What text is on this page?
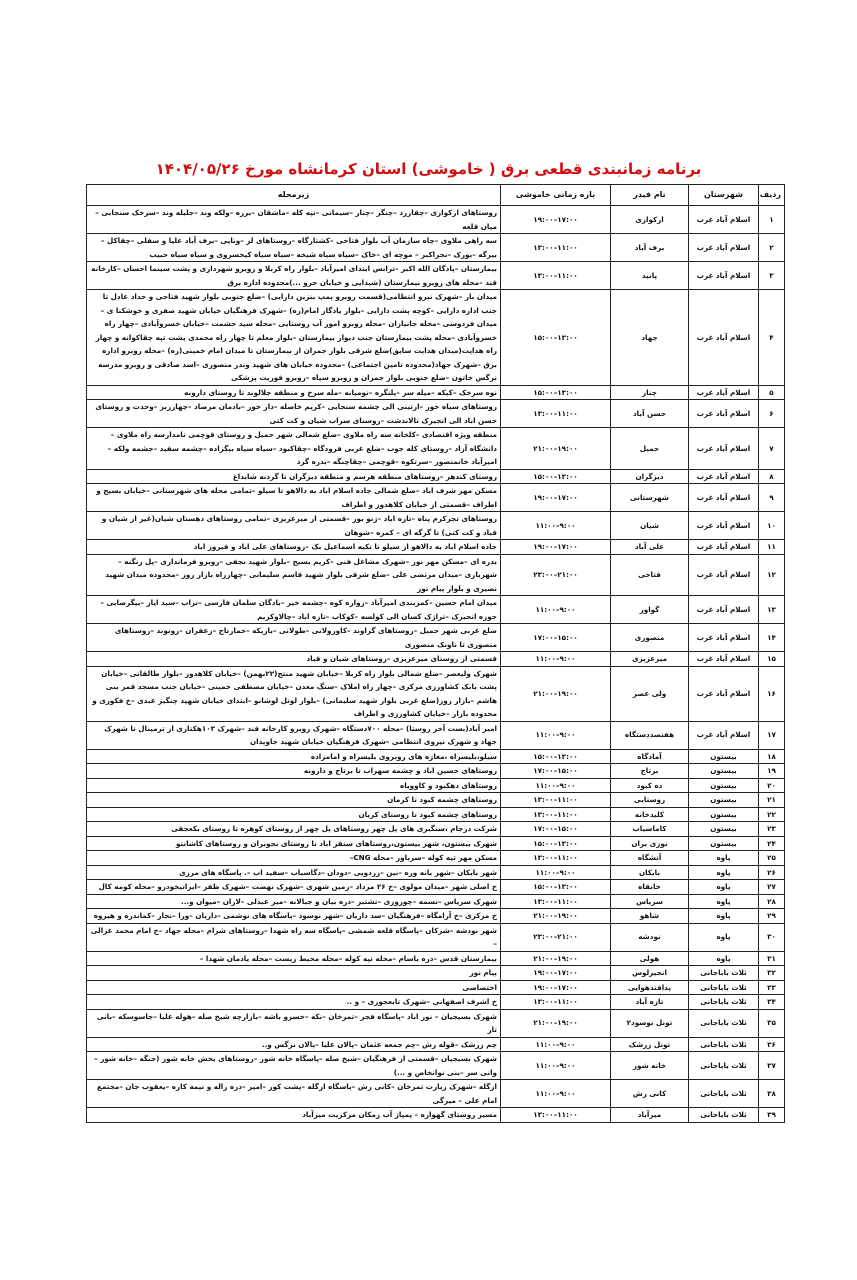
برنامه زمانبندی قطعی برق ( خاموشی) استان کرمانشاه مورخ ۱۴۰۴/۰۵/۲۶
ردیف	شهرستان	نام فیدر	بازه زمانی خاموشی	زیرمحله
۱	اسلام آباد غرب	ارکوازی	۱۷:۰۰–۱۹:۰۰	روستاهای ارکوازی –چقازرد –چنگر –چنار –سیمانی –تپه کله –ماشقان –برزه –ولکه وند –جلیله وند –سرخک سنجابی –میان قلعه
۲	اسلام آباد غرب	برف آباد	۱۱:۰۰–۱۳:۰۰	سه راهی ملاوی –چاه سازمان آب بلوار فتاحی –کشتارگاه –روستاهای لر –ونایی –برف آباد علیا و سفلی –چقاکل –بیرگه –بورک –نجراکبر – موچه ای –خاک –سیاه سیاه شیخه –سیاه سیاه کیخسروی و سیاه سیاه حبیب
۳	اسلام آباد غرب	پانید	۱۱:۰۰–۱۳:۰۰	بیمارستان –پادگان الله اکبر –ترانس ابتدای امیرآباد –بلوار راه کربلا و روبرو شهرداری و پشت سینما احسان –کارخانه قند –محله های روبرو بیمارستان (شیدایی و خیابان حرو ...)محدوده اداره برق
۴	اسلام آباد غرب	جهاد	۱۳:۰۰–۱۵:۰۰	میدان بار –شهرک نیرو انتظامی(قسمت روبرو پمپ بنزین دارایی) –ضلع جنوبی بلوار شهید فتاحی و حداد عادل تا جنب اداره دارایی –کوچه پشت دارایی –بلوار یادگار امام(ره) –شهرک فرهنگیان خیابان شهید صفری و خوشکنا ی –میدان فردوسی –محله جانبازان –محله روبرو امور آب روستایی –محله سید حشمت –خیابان خسروآبادی –چهار راه خسروآبادی –محله پشت بیمارستان جنب دیوار بیمارستان –بلوار معلم تا چهار راه محمدی پشت تپه چقاکوانه و چهار راه هدایت(میدان هدایت سابق)ضلع شرقی بلوار جمران از بیمارستان تا میدان امام خمینی(ره) –محله روبرو اداره برق –شهرک جهاد(محدوده تامین اجتماعی) –محدوده خیابان های شهید وندر منصوری –اسد صادقی و روبرو مدرسه نرگس خاتون –ضلع جنوبی بلوار جمران و روبرو سپاه –روبرو فوریت پزشکی
۵	اسلام آباد غرب	چنار	۱۳:۰۰–۱۵:۰۰	نوه سرخک –کیکه –میله سر –پلنگره –نومیانه –مله سرخ و منطقه جلالوند تا روستای دارونه
۶	اسلام آباد غرب	حسن آباد	۱۱:۰۰–۱۳:۰۰	روستاهای سیاه خور –ارتینی الی چشمه سنجابی –کریم خاصله –دار خور –بادمان مرصاد –چهارزبر –وحدت و روستای حسن اباد الی انجیرک تالاندشت –روستای سراب شیان و کت کتی
۷	اسلام آباد غرب	حمیل	۱۹:۰۰–۲۱:۰۰	منطقه ویژه اقتصادی –کلخانه سه راه ملاوی –ضلع شمالی شهر حمیل و روستای قوچمی نامدارسه راه ملاوی –دانشگاه آزاد –روستای کله جوب –ضلع غربی فرودگاه –چقاکبود –سیاه سیاه بیگزاده –چشمه سفید –جشمه ولکه –امیرآباد خانمنصور –سرتکوه –قوچمی –چقاچنگه –بدره گرد
۸	اسلام آباد غرب	دیزگران	۱۳:۰۰–۱۵:۰۰	روستای کندهر –روستاهای منطقه هرسم و منطقه دیزگران تا گردنه شابداغ
۹	اسلام آباد غرب	شهرستانی	۱۷:۰۰–۱۹:۰۰	مسکن مهر شرف اباد –ضلع شمالی جاده اسلام اباد به دالاهو تا سیلو –تمامی محله های شهرستانی –خیابان بسیج و اطراف –قسمتی از خیابان کلاهدوز و اطراف
۱۰	اسلام آباد غرب	شیان	۹:۰۰–۱۱:۰۰	روستاهای تجرکرم پناه –تازه اباد –ژنو بور –قسمتی از میرعزیزی –تمامی روستاهای دهستان شیان(غیر از شیان و قباد و کت کتی) تا گرگه ای – کمره –شوهان
۱۱	اسلام آباد غرب	علی آباد	۱۷:۰۰–۱۹:۰۰	جاده اسلام اباد به دالاهو از سیلو تا تکیه اسماعیل بک –روستاهای علی اباد و فیروز اباد
۱۲	اسلام آباد غرب	فتاحی	۲۱:۰۰–۲۳:۰۰	بدره ای –مسکن مهر نور –شهرک مشاغل فنی –کریم بسیج –بلوار شهید نجفی –روبرو فرمانداری –پل زنگنه –شهربازی –میدان مرتضی علی –ضلع شرقی بلوار شهید قاسم سلیمانی –چهارراه بازار روز –محدوده میدان شهید نصیری و بلوار پیام نور
۱۳	اسلام آباد غرب	گواور	۹:۰۰–۱۱:۰۰	میدان امام حسین –کمربندی امیرآباد –زواره کوه –چشمه خیر –بادگان سلمان فارسی –تراب –سید ایاز –بیگرضایی –جوزه انجیرک –تراژک کسان الی کولسه –کوکاب –تازه اباد –چالاوکریم
۱۴	اسلام آباد غرب	منصوری	۱۵:۰۰–۱۷:۰۰	ضلع غربی شهر حمیل –روستاهای گراوند –کاورولانی –طولانی –باریکه –خمارتاج –زعفران –رونوند –روستاهای منصوری تا ناونک منصوری
۱۵	اسلام آباد غرب	میرعزیزی	۹:۰۰–۱۱:۰۰	قسمتی از روستای میرعزیزی –روستاهای شیان و قباد
۱۶	اسلام آباد غرب	ولی عصر	۱۹:۰۰–۲۱:۰۰	شهرک ولیعصر –ضلع شمالی بلوار راه کربلا –خیابان شهید منتج(۲۲بهمن) –خیابان کلاهدوز –بلوار طالقانی –خیابان پشت بانک کشاورزی مرکزی –چهار راه املاک –سنگ معدن –خیابان مصطفی خمینی –خیابان جنب مسجد قمر بنی هاشم –بازار روز(ضلع غربی بلوار شهید سلیمانی) –بلوار لوتل لوشانو –ابتدای خیابان شهید چنگیز عبدی –خ فکوری و محدوده بازار –خیابان کشاورزی و اطراف
۱۷	اسلام آباد غرب	هفتصددستگاه	۹:۰۰–۱۱:۰۰	امیر آباد(بست آخر روستا) –محله ۷۰۰دستگاه –شهرک روبرو کارخانه قند –شهرک ۱۰۳هکتاری از ترمینال تا شهرک جهاد و شهرک نیروی انتظامی –شهرک فرهنگیان خیابان شهید جاویدان
۱۸	بیستون	آمادگاه	۱۳:۰۰–۱۵:۰۰	سیلو،بلیسراه ،مغازه های روبروی بلیسراه و امامزاده
۱۹	بیستون	برتاج	۱۵:۰۰–۱۷:۰۰	روستاهای حسین اباد و چشمه سهراب تا برتاج و دارونه
۲۰	بیستون	ده کبود	۹:۰۰–۱۱:۰۰	روستاهای دهکبود و کاووباه
۲۱	بیستون	روستایی	۱۱:۰۰–۱۳:۰۰	روستاهای چشمه کبود تا کرمان
۲۲	بیستون	کلیدخانه	۱۱:۰۰–۱۳:۰۰	روستاهای چشمه کبود تا روستای کریان
۲۳	بیستون	کاماسیاب	۱۵:۰۰–۱۷:۰۰	شرکت درجام ،سنگبری های پل چهر روستاهای پل چهر از روستای کوهره تا روستای بکعجقی
۲۴	بیستون	نوزی بران	۱۳:۰۰–۱۵:۰۰	شهرک بیستون، شهر بیستون،روستاهای سنقر اباد تا روستای نجوبران و روستاهای کاشانتو
۲۵	پاوه	آتشگاه	۱۱:۰۰–۱۳:۰۰	مسکن مهر تپه کوله –سرباور –محله CNG–
۲۶	پاوه	بابکان	۹:۰۰–۱۱:۰۰	شهر بابکان –شهر بانه وره –نین –زردویی –دودان –دگاسیاب –سفید اب –. پاسگاه های مرزی
۲۷	پاوه	خانقاه	۱۳:۰۰–۱۵:۰۰	خ اصلی شهر –میدان مولوی –خ ۲۶ مرداد –زمین شهری –شهرک نهضت –شهرک ظفر –ابراتیخودرو –محله کومه کال
۲۸	پاوه	سریاس	۱۱:۰۰–۱۳:۰۰	شهرک سریاس –نسمه –چوروزی –تشتبر –دره بیان و جبالانه –میر عبدلی –لاران –میوان و...
۲۹	پاوه	شاهو	۱۹:۰۰–۲۱:۰۰	خ مرکزی –خ آرامگاه –فرهنگیان –سد داریان –شهر نوسود –پاسگاه های نوشمی –داریان –ورا –نجار –کماندره و هیروه
۳۰	پاوه	نودشه	۲۱:۰۰–۲۳:۰۰	شهر نودشه –شرکان –پاسگاه قلعه شمشی –پاسگاه سه راه شهدا –روستاهای شرام –محله جهاد –خ امام محمد غزالی –
۳۱	پاوه	هولی	۱۹:۰۰–۲۱:۰۰	بیمارستان قدس –دره یاسام –محله تپه کوله –محله محیط زیست –محله یادمان شهدا –
۳۲	ثلاث باباجانی	انجیرلوس	۱۷:۰۰–۱۹:۰۰	پیام نور
۳۳	ثلاث باباجانی	پدافندهوایی	۱۷:۰۰–۱۹:۰۰	اختصاصی
۳۴	ثلاث باباجانی	تازه آباد	۱۱:۰۰–۱۳:۰۰	خ اشرف اصفهانی –شهرک تابعجوزی – و ..
۳۵	ثلاث باباجانی	تونل نوسود۲	۱۹:۰۰–۲۱:۰۰	شهرک بسیجیان – نور اباد –پاسگاه فجر –تمرخان –نکه –خسرو باشه –بازارچه شیخ صله –هوله علیا –جاسوسکه –بانی تار
۳۶	ثلاث باباجانی	تونل زرشک	۹:۰۰–۱۱:۰۰	چم زرشک –قوله رش –چم جمعه عثمان –پالان علیا –پالان نرگس و..
۳۷	ثلاث باباجانی	خانه شور	۹:۰۰–۱۱:۰۰	شهرک بسیجیان –قسمتی از فرهنگیان –شیخ صله –پاسگاه خانه شور –روستاهای بخش خانه شور (جنگه –خانه شور –وانی سر –بنی نوانخاص و ...)
۳۸	ثلاث باباجانی	کانی رش	۹:۰۰–۱۱:۰۰	ازگله –شهرک زیارت تمرخان –کانی رش –پاسگاه ازگله –پشت کور –امیر –دره زاله و نیمه کاره –یعقوب جان –مجتمع امام علی – میرگی
۳۹	ثلاث باباجانی	میرآباد	۱۱:۰۰–۱۳:۰۰	مسیر روستای گهواره – پمپاژ آب زمکان مرکزیت میرآباد
